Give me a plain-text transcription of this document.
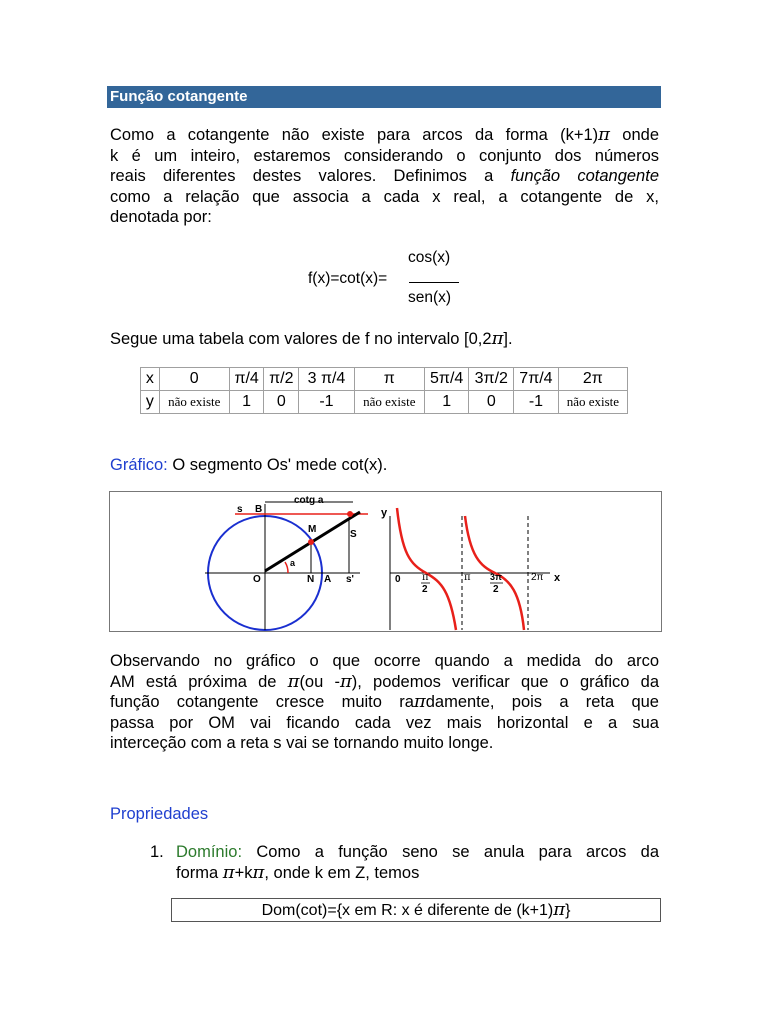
Função cotangente
Como a cotangente não existe para arcos da forma (k+1)π onde
k é um inteiro, estaremos considerando o conjunto dos números
reais diferentes destes valores. Definimos a função cotangente
como a relação que associa a cada x real, a cotangente de x,
denotada por:
cos(x)
f(x)=cot(x)=
sen(x)
Segue uma tabela com valores de f no intervalo [0,2π].
x	0	π/4	π/2	3 π/4	π	5π/4	3π/2	7π/4	2π
y	não existe	1	0	-1	não existe	1	0	-1	não existe
Gráfico: O segmento Os' mede cot(x).
cotg a
s B
M	S
a
O	N A s'
y
x
0 π
2
π 3π
2
2π
Observando no gráfico o que ocorre quando a medida do arco
AM está próxima de π(ou -π), podemos verificar que o gráfico da
função cotangente cresce muito raπdamente, pois a reta que
passa por OM vai ficando cada vez mais horizontal e a sua
interceção com a reta s vai se tornando muito longe.
Propriedades
1. Domínio: Como a função seno se anula para arcos da
forma π+kπ, onde k em Z, temos
Dom(cot)={x em R: x é diferente de (k+1)π}
